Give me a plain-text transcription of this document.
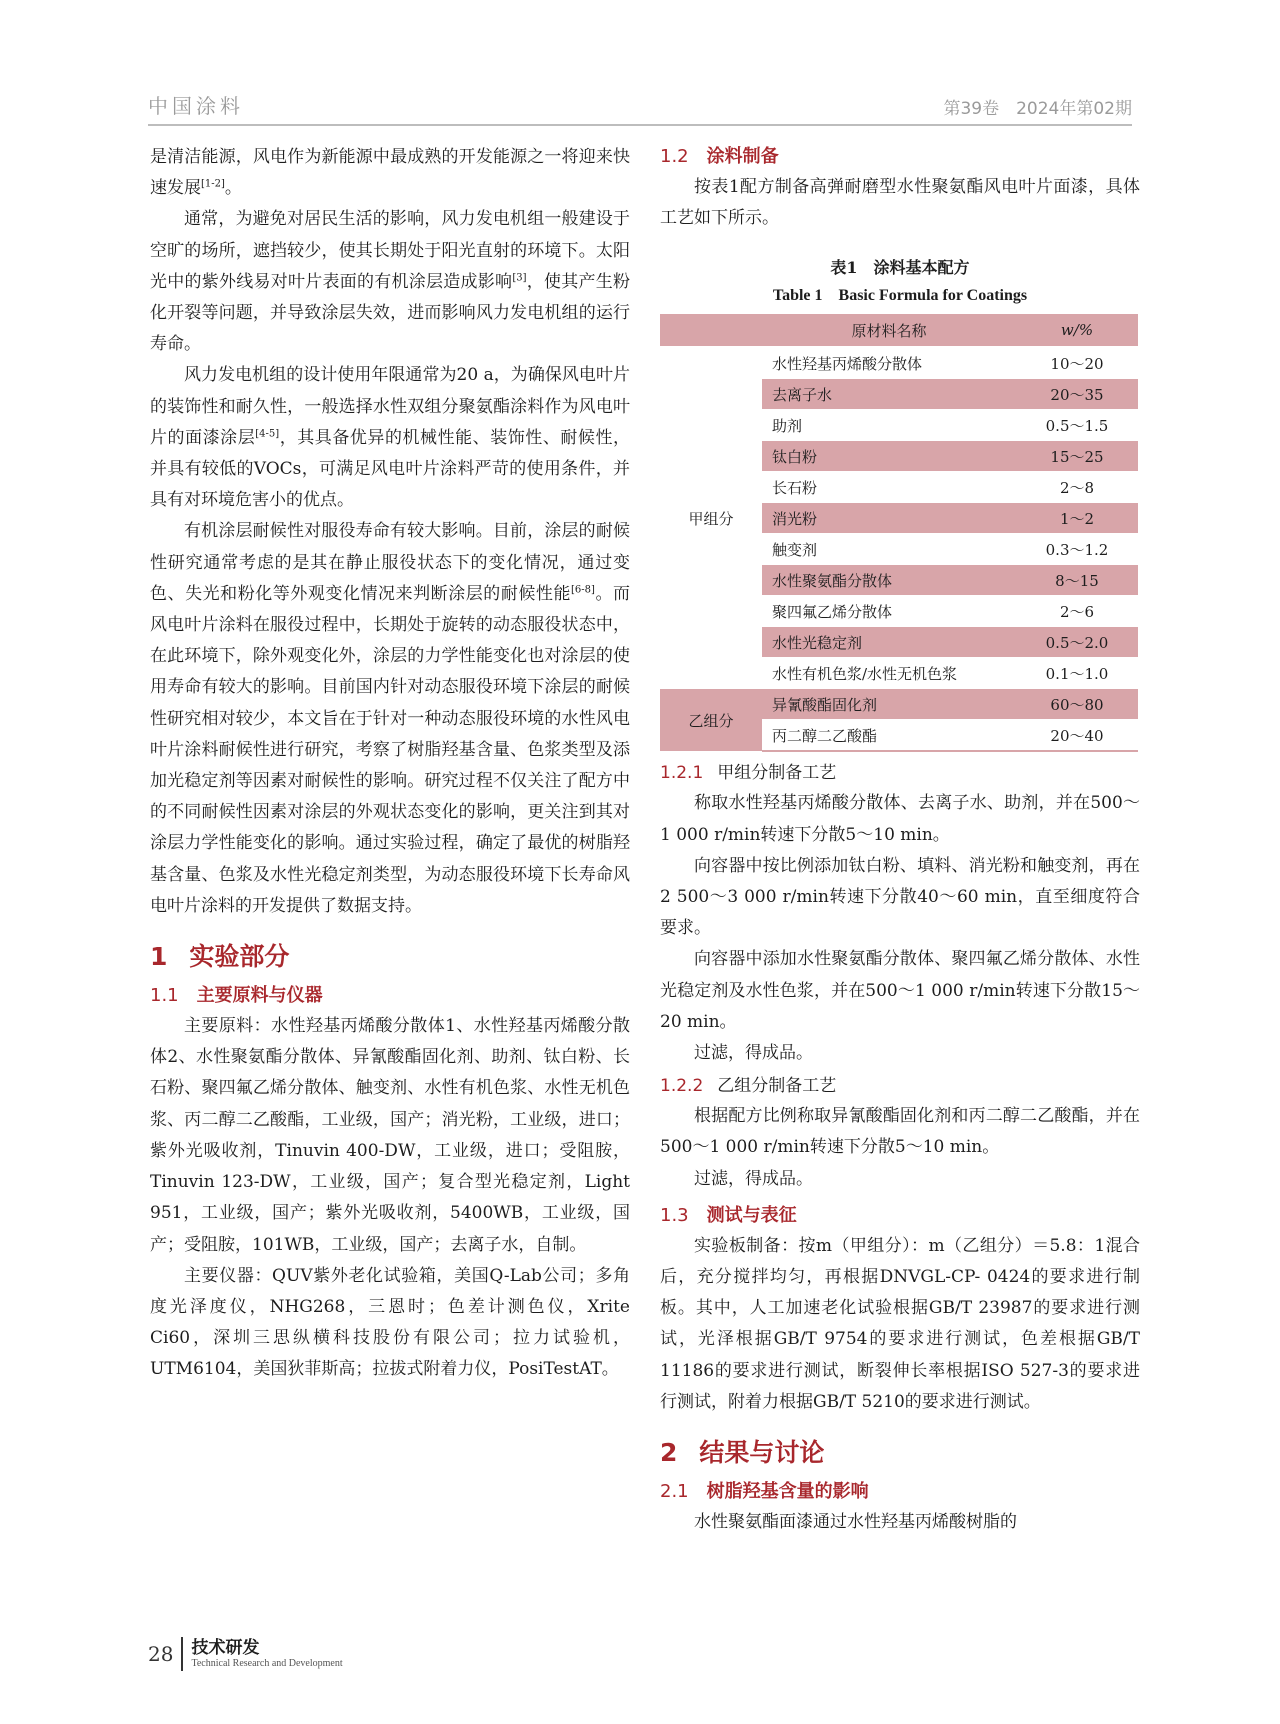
中国涂料	第39卷　2024年第02期

是清洁能源，风电作为新能源中最成熟的开发能源之一将迎来快速发展[1-2]。

通常，为避免对居民生活的影响，风力发电机组一般建设于空旷的场所，遮挡较少，使其长期处于阳光直射的环境下。太阳光中的紫外线易对叶片表面的有机涂层造成影响[3]，使其产生粉化开裂等问题，并导致涂层失效，进而影响风力发电机组的运行寿命。

风力发电机组的设计使用年限通常为20 a，为确保风电叶片的装饰性和耐久性，一般选择水性双组分聚氨酯涂料作为风电叶片的面漆涂层[4-5]，其具备优异的机械性能、装饰性、耐候性，并具有较低的VOCs，可满足风电叶片涂料严苛的使用条件，并具有对环境危害小的优点。

有机涂层耐候性对服役寿命有较大影响。目前，涂层的耐候性研究通常考虑的是其在静止服役状态下的变化情况，通过变色、失光和粉化等外观变化情况来判断涂层的耐候性能[6-8]。而风电叶片涂料在服役过程中，长期处于旋转的动态服役状态中，在此环境下，除外观变化外，涂层的力学性能变化也对涂层的使用寿命有较大的影响。目前国内针对动态服役环境下涂层的耐候性研究相对较少，本文旨在于针对一种动态服役环境的水性风电叶片涂料耐候性进行研究，考察了树脂羟基含量、色浆类型及添加光稳定剂等因素对耐候性的影响。研究过程不仅关注了配方中的不同耐候性因素对涂层的外观状态变化的影响，更关注到其对涂层力学性能变化的影响。通过实验过程，确定了最优的树脂羟基含量、色浆及水性光稳定剂类型，为动态服役环境下长寿命风电叶片涂料的开发提供了数据支持。

1 实验部分
1.1 主要原料与仪器

主要原料：水性羟基丙烯酸分散体1、水性羟基丙烯酸分散体2、水性聚氨酯分散体、异氰酸酯固化剂、助剂、钛白粉、长石粉、聚四氟乙烯分散体、触变剂、水性有机色浆、水性无机色浆、丙二醇二乙酸酯，工业级，国产；消光粉，工业级，进口；紫外光吸收剂，Tinuvin 400-DW，工业级，进口；受阻胺，Tinuvin 123-DW，工业级，国产；复合型光稳定剂，Light 951，工业级，国产；紫外光吸收剂，5400WB，工业级，国产；受阻胺，101WB，工业级，国产；去离子水，自制。

主要仪器：QUV紫外老化试验箱，美国Q-Lab公司；多角度光泽度仪，NHG268，三恩时；色差计测色仪，Xrite Ci60，深圳三思纵横科技股份有限公司；拉力试验机，UTM6104，美国狄菲斯高；拉拔式附着力仪，PosiTestAT。

1.2 涂料制备

按表1配方制备高弹耐磨型水性聚氨酯风电叶片面漆，具体工艺如下所示。

表1　涂料基本配方
Table 1　Basic Formula for Coatings
	原材料名称	w/%
甲组分	水性羟基丙烯酸分散体	10～20
	去离子水	20～35
	助剂	0.5～1.5
	钛白粉	15～25
	长石粉	2～8
	消光粉	1～2
	触变剂	0.3～1.2
	水性聚氨酯分散体	8～15
	聚四氟乙烯分散体	2～6
	水性光稳定剂	0.5～2.0
	水性有机色浆/水性无机色浆	0.1～1.0
乙组分	异氰酸酯固化剂	60～80
	丙二醇二乙酸酯	20～40
1.2.1 甲组分制备工艺

称取水性羟基丙烯酸分散体、去离子水、助剂，并在500～1 000 r/min转速下分散5～10 min。

向容器中按比例添加钛白粉、填料、消光粉和触变剂，再在2 500～3 000 r/min转速下分散40～60 min，直至细度符合要求。

向容器中添加水性聚氨酯分散体、聚四氟乙烯分散体、水性光稳定剂及水性色浆，并在500～1 000 r/min转速下分散15～20 min。

过滤，得成品。

1.2.2 乙组分制备工艺

根据配方比例称取异氰酸酯固化剂和丙二醇二乙酸酯，并在500～1 000 r/min转速下分散5～10 min。

过滤，得成品。

1.3 测试与表征

实验板制备：按m（甲组分）：m（乙组分）＝5.8：1混合后，充分搅拌均匀，再根据DNVGL-CP- 0424的要求进行制板。其中，人工加速老化试验根据GB/T 23987的要求进行测试，光泽根据GB/T 9754的要求进行测试，色差根据GB/T 11186的要求进行测试，断裂伸长率根据ISO 527-3的要求进行测试，附着力根据GB/T 5210的要求进行测试。

2 结果与讨论
2.1 树脂羟基含量的影响

水性聚氨酯面漆通过水性羟基丙烯酸树脂的

28 技术研发
Technical Research and Development
